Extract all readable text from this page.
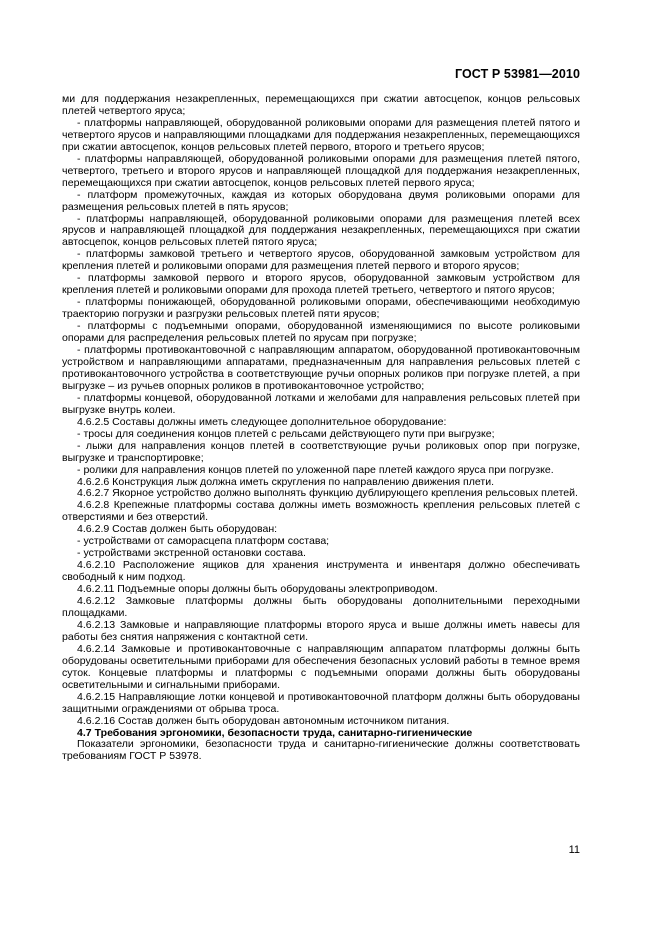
ГОСТ Р 53981—2010

ми для поддержания незакрепленных, перемещающихся при сжатии автосцепок, концов рельсовых плетей четвертого яруса;

- платформы направляющей, оборудованной роликовыми опорами для размещения плетей пятого и четвертого ярусов и направляющими площадками для поддержания незакрепленных, перемещающихся при сжатии автосцепок, концов рельсовых плетей первого, второго и третьего ярусов;

- платформы направляющей, оборудованной роликовыми опорами для размещения плетей пятого, четвертого, третьего и второго ярусов и направляющей площадкой для поддержания незакрепленных, перемещающихся при сжатии автосцепок, концов рельсовых плетей первого яруса;

- платформ промежуточных, каждая из которых оборудована двумя роликовыми опорами для размещения рельсовых плетей в пять ярусов;

- платформы направляющей, оборудованной роликовыми опорами для размещения плетей всех ярусов и направляющей площадкой для поддержания незакрепленных, перемещающихся при сжатии автосцепок, концов рельсовых плетей пятого яруса;

- платформы замковой третьего и четвертого ярусов, оборудованной замковым устройством для крепления плетей и роликовыми опорами для размещения плетей первого и второго ярусов;

- платформы замковой первого и второго ярусов, оборудованной замковым устройством для крепления плетей и роликовыми опорами для прохода плетей третьего, четвертого и пятого ярусов;

- платформы понижающей, оборудованной роликовыми опорами, обеспечивающими необходимую траекторию погрузки и разгрузки рельсовых плетей пяти ярусов;

- платформы с подъемными опорами, оборудованной изменяющимися по высоте роликовыми опорами для распределения рельсовых плетей по ярусам при погрузке;

- платформы противокантовочной с направляющим аппаратом, оборудованной противокантовочным устройством и направляющими аппаратами, предназначенным для направления рельсовых плетей с противокантовочного устройства в соответствующие ручьи опорных роликов при погрузке плетей, а при выгрузке – из ручьев опорных роликов в противокантовочное устройство;

- платформы концевой, оборудованной лотками и желобами для направления рельсовых плетей при выгрузке внутрь колеи.

4.6.2.5 Составы должны иметь следующее дополнительное оборудование:

- тросы для соединения концов плетей с рельсами действующего пути при выгрузке;

- лыжи для направления концов плетей в соответствующие ручьи роликовых опор при погрузке, выгрузке и транспортировке;

- ролики для направления концов плетей по уложенной паре плетей каждого яруса при погрузке.

4.6.2.6 Конструкция лыж должна иметь скругления по направлению движения плети.

4.6.2.7 Якорное устройство должно выполнять функцию дублирующего крепления рельсовых плетей.

4.6.2.8 Крепежные платформы состава должны иметь возможность крепления рельсовых плетей с отверстиями и без отверстий.

4.6.2.9 Состав должен быть оборудован:

- устройствами от саморасцепа платформ состава;

- устройствами экстренной остановки состава.

4.6.2.10 Расположение ящиков для хранения инструмента и инвентаря должно обеспечивать свободный к ним подход.

4.6.2.11 Подъемные опоры должны быть оборудованы электроприводом.

4.6.2.12 Замковые платформы должны быть оборудованы дополнительными переходными площадками.

4.6.2.13 Замковые и направляющие платформы второго яруса и выше должны иметь навесы для работы без снятия напряжения с контактной сети.

4.6.2.14 Замковые и противокантовочные с направляющим аппаратом платформы должны быть оборудованы осветительными приборами для обеспечения безопасных условий работы в темное время суток. Концевые платформы и платформы с подъемными опорами должны быть оборудованы осветительными и сигнальными приборами.

4.6.2.15 Направляющие лотки концевой и противокантовочной платформ должны быть оборудованы защитными ограждениями от обрыва троса.

4.6.2.16 Состав должен быть оборудован автономным источником питания.

4.7 Требования эргономики, безопасности труда, санитарно-гигиенические

Показатели эргономики, безопасности труда и санитарно-гигиенические должны соответствовать требованиям ГОСТ Р 53978.

11
